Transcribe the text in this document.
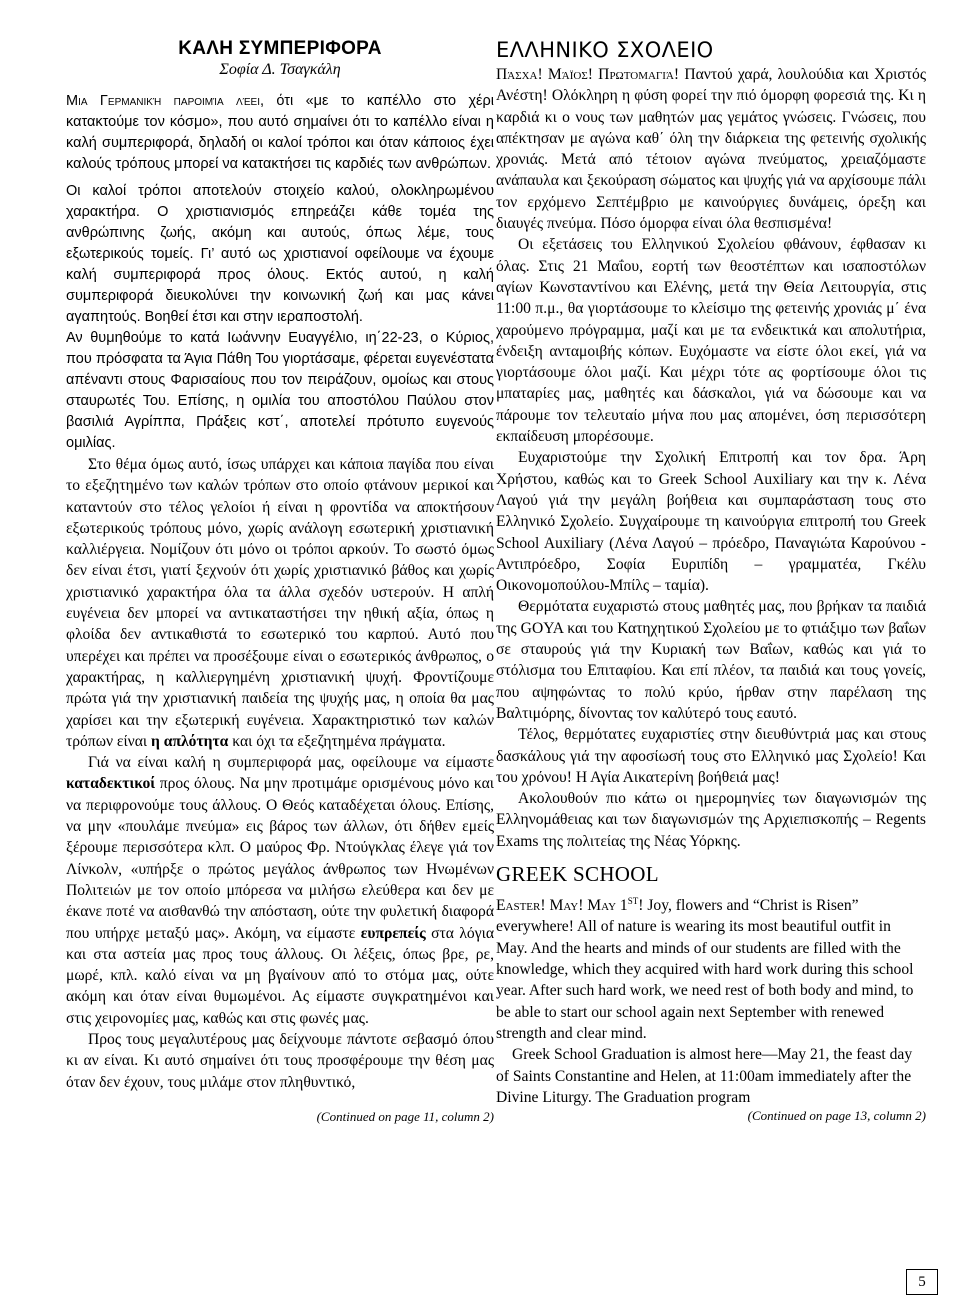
ΚΑΛΗ ΣΥΜΠΕΡΙΦΟΡΑ
Σοφία Δ. Τσαγκάλη

Μια Γερμανική παροιμία λέει, ότι «με το καπέλλο στο χέρι κατακτούμε τον κόσμο», που αυτό σημαίνει ότι το καπέλλο είναι η καλή συμπεριφορά, δηλαδή οι καλοί τρόποι και όταν κάποιος έχει καλούς τρόπους μπορεί να κατακτήσει τις καρδιές των ανθρώπων.

Οι καλοί τρόποι αποτελούν στοιχείο καλού, ολοκληρωμένου χαρακτήρα. Ο χριστιανισμός επηρεάζει κάθε τομέα της ανθρώπινης ζωής, ακόμη και αυτούς, όπως λέμε, τους εξωτερικούς τομείς. Γι’ αυτό ως χριστιανοί οφείλουμε να έχουμε καλή συμπεριφορά προς όλους. Εκτός αυτού, η καλή συμπεριφορά διευκολύνει την κοινωνική ζωή και μας κάνει αγαπητούς. Βοηθεί έτσι και στην ιεραποστολή.

Αν θυμηθούμε το κατά Ιωάννην Ευαγγέλιο, ιη΄22-23, ο Κύριος, που πρόσφατα τα Άγια Πάθη Του γιορτάσαμε, φέρεται ευγενέστατα απέναντι στους Φαρισαίους που τον πειράζουν, ομοίως και στους σταυρωτές Του. Επίσης, η ομιλία του αποστόλου Παύλου στον βασιλιά Αγρίππα, Πράξεις κστ΄, αποτελεί πρότυπο ευγενούς ομιλίας.

Στο θέμα όμως αυτό, ίσως υπάρχει και κάποια παγίδα που είναι το εξεζητημένο των καλών τρόπων στο οποίο φτάνουν μερικοί και καταντούν στο τέλος γελοίοι ή είναι η φροντίδα να αποκτήσουν εξωτερικούς τρόπους μόνο, χωρίς ανάλογη εσωτερική χριστιανική καλλιέργεια. Νομίζουν ότι μόνο οι τρόποι αρκούν. Το σωστό όμως δεν είναι έτσι, γιατί ξεχνούν ότι χωρίς χριστιανικό βάθος και χωρίς χριστιανικό χαρακτήρα όλα τα άλλα σχεδόν υστερούν. Η απλή ευγένεια δεν μπορεί να αντικαταστήσει την ηθική αξία, όπως η φλοίδα δεν αντικαθιστά το εσωτερικό του καρπού. Αυτό που υπερέχει και πρέπει να προσέξουμε είναι ο εσωτερικός άνθρωπος, ο χαρακτήρας, η καλλιεργημένη χριστιανική ψυχή. Φροντίζουμε πρώτα γιά την χριστιανική παιδεία της ψυχής μας, η οποία θα μας χαρίσει και την εξωτερική ευγένεια. Χαρακτηριστικό των καλών τρόπων είναι η απλότητα και όχι τα εξεζητημένα πράγματα.

Γιά να είναι καλή η συμπεριφορά μας, οφείλουμε να είμαστε καταδεκτικοί προς όλους. Να μην προτιμάμε ορισμένους μόνο και να περιφρονούμε τους άλλους. Ο Θεός καταδέχεται όλους. Επίσης, να μην «πουλάμε πνεύμα» εις βάρος των άλλων, ότι δήθεν εμείς ξέρουμε περισσότερα κλπ. Ο μαύρος Φρ. Ντούγκλας έλεγε γιά τον Λίνκολν, «υπήρξε ο πρώτος μεγάλος άνθρωπος των Ηνωμένων Πολιτειών με τον οποίο μπόρεσα να μιλήσω ελεύθερα και δεν με έκανε ποτέ να αισθανθώ την απόσταση, ούτε την φυλετική διαφορά που υπήρχε μεταξύ μας». Ακόμη, να είμαστε ευπρεπείς στα λόγια και στα αστεία μας προς τους άλλους. Οι λέξεις, όπως βρε, ρε, μωρέ, κπλ. καλό είναι να μη βγαίνουν από το στόμα μας, ούτε ακόμη και όταν είναι θυμωμένοι. Ας είμαστε συγκρατημένοι και στις χειρονομίες μας, καθώς και στις φωνές μας.

Προς τους μεγαλυτέρους μας δείχνουμε πάντοτε σεβασμό όπου κι αν είναι. Κι αυτό σημαίνει ότι τους προσφέρουμε την θέση μας όταν δεν έχουν, τους μιλάμε στον πληθυντικό,

(Continued on page 11, column 2)
ΕΛΛΗΝΙΚΟ ΣΧΟΛΕΙΟ

Πάσχα! Μάϊος! Πρωτομαγιά! Παντού χαρά, λουλούδια και Χριστός Ανέστη! Ολόκληρη η φύση φορεί την πιό όμορφη φορεσιά της. Κι η καρδιά κι ο νους των μαθητών μας γεμάτος γνώσεις. Γνώσεις, που απέκτησαν με αγώνα καθ΄ όλη την διάρκεια της φετεινής σχολικής χρονιάς. Μετά από τέτοιον αγώνα πνεύματος, χρειαζόμαστε ανάπαυλα και ξεκούραση σώματος και ψυχής γιά να αρχίσουμε πάλι τον ερχόμενο Σεπτέμβριο με καινούργιες δυνάμεις, όρεξη και διαυγές πνεύμα. Πόσο όμορφα είναι όλα θεσπισμένα!

Οι εξετάσεις του Ελληνικού Σχολείου φθάνουν, έφθασαν κι όλας. Στις 21 Μαΐου, εορτή των θεοστέπτων και ισαποστόλων αγίων Κωνσταντίνου και Ελένης, μετά την Θεία Λειτουργία, στις 11:00 π.μ., θα γιορτάσουμε το κλείσιμο της φετεινής χρονιάς μ΄ ένα χαρούμενο πρόγραμμα, μαζί και με τα ενδεικτικά και απολυτήρια, ένδειξη ανταμοιβής κόπων. Ευχόμαστε να είστε όλοι εκεί, γιά να γιορτάσουμε όλοι μαζί. Και μέχρι τότε ας φορτίσουμε όλοι τις μπαταρίες μας, μαθητές και δάσκαλοι, γιά να δώσουμε και να πάρουμε τον τελευταίο μήνα που μας απομένει, όση περισσότερη εκπαίδευση μπορέσουμε.

Ευχαριστούμε την Σχολική Επιτροπή και τον δρα. Άρη Χρήστου, καθώς και το Greek School Auxiliary και την κ. Λένα Λαγού γιά την μεγάλη βοήθεια και συμπαράσταση τους στο Ελληνικό Σχολείο. Συγχαίρουμε τη καινούργια επιτροπή του Greek School Auxiliary (Λένα Λαγού – πρόεδρο, Παναγιώτα Καρούνου - Αντιπρόεδρο, Σοφία Ευριπίδη – γραμματέα, Γκέλυ Οικονομοπούλου-Μπίλς – ταμία).

Θερμότατα ευχαριστώ στους μαθητές μας, που βρήκαν τα παιδιά της GOYA και του Κατηχητικού Σχολείου με το φτιάξιμο των βαΐων σε σταυρούς γιά την Κυριακή των Βαΐων, καθώς και γιά το στόλισμα του Επιταφίου. Και επί πλέον, τα παιδιά και τους γονείς, που αψηφώντας το πολύ κρύο, ήρθαν στην παρέλαση της Βαλτιμόρης, δίνοντας τον καλύτερό τους εαυτό.

Τέλος, θερμότατες ευχαριστίες στην διευθύντριά μας και στους δασκάλους γιά την αφοσίωσή τους στο Ελληνικό μας Σχολείο! Και του χρόνου! Η Αγία Αικατερίνη βοήθειά μας!

Ακολουθούν πιο κάτω οι ημερομηνίες των διαγωνισμών της Ελληνομάθειας και των διαγωνισμών της Αρχιεπισκοπής – Regents Exams της πολιτείας της Νέας Υόρκης.

GREEK SCHOOL

Easter! May! May 1ST! Joy, flowers and “Christ is Risen” everywhere! All of nature is wearing its most beautiful outfit in May. And the hearts and minds of our students are filled with the knowledge, which they acquired with hard work during this school year. After such hard work, we need rest of both body and mind, to be able to start our school again next September with renewed strength and clear mind.

Greek School Graduation is almost here—May 21, the feast day of Saints Constantine and Helen, at 11:00am immediately after the Divine Liturgy. The Graduation program

(Continued on page 13, column 2)
5
